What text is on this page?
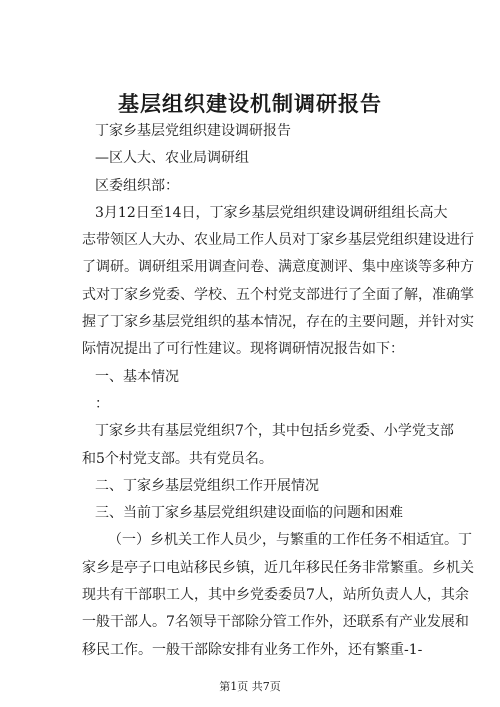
基层组织建设机制调研报告

丁家乡基层党组织建设调研报告

—区人大、农业局调研组

区委组织部：

3月12日至14日，丁家乡基层党组织建设调研组组长高大

志带领区人大办、农业局工作人员对丁家乡基层党组织建设进行

了调研。调研组采用调查问卷、满意度测评、集中座谈等多种方

式对丁家乡党委、学校、五个村党支部进行了全面了解，准确掌

握了丁家乡基层党组织的基本情况，存在的主要问题，并针对实

际情况提出了可行性建议。现将调研情况报告如下：

一、基本情况

：

丁家乡共有基层党组织7个，其中包括乡党委、小学党支部

和5个村党支部。共有党员名。

二、丁家乡基层党组织工作开展情况

三、当前丁家乡基层党组织建设面临的问题和困难

（一）乡机关工作人员少，与繁重的工作任务不相适宜。丁

家乡是亭子口电站移民乡镇，近几年移民任务非常繁重。乡机关

现共有干部职工人，其中乡党委委员7人，站所负责人人，其余

一般干部人。7名领导干部除分管工作外，还联系有产业发展和

移民工作。一般干部除安排有业务工作外，还有繁重-1-

第1页 共7页
